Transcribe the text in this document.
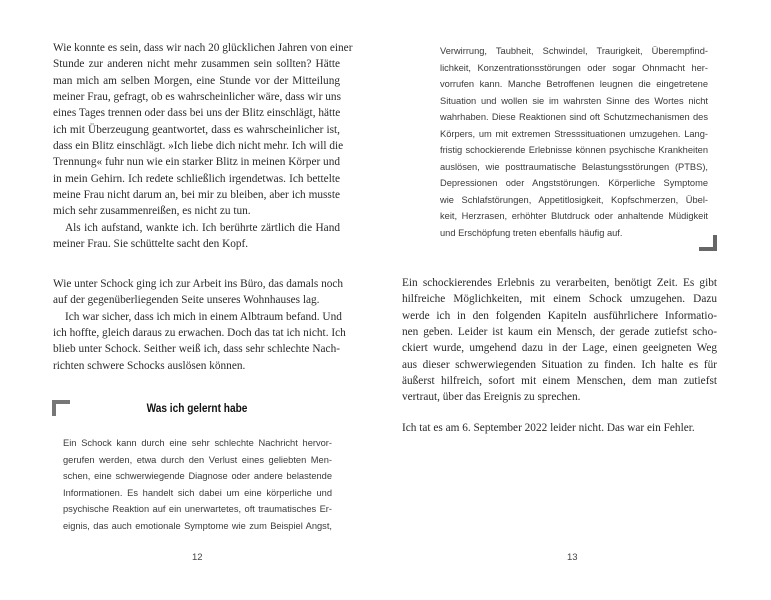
Wie konnte es sein, dass wir nach 20 glücklichen Jahren von einer
Stunde zur anderen nicht mehr zusammen sein sollten? Hätte
man mich am selben Morgen, eine Stunde vor der Mitteilung
meiner Frau, gefragt, ob es wahrscheinlicher wäre, dass wir uns
eines Tages trennen oder dass bei uns der Blitz einschlägt, hätte
ich mit Überzeugung geantwortet, dass es wahrscheinlicher ist,
dass ein Blitz einschlägt. »Ich liebe dich nicht mehr. Ich will die
Trennung« fuhr nun wie ein starker Blitz in meinen Körper und
in mein Gehirn. Ich redete schließlich irgendetwas. Ich bettelte
meine Frau nicht darum an, bei mir zu bleiben, aber ich musste
mich sehr zusammenreißen, es nicht zu tun.
Als ich aufstand, wankte ich. Ich berührte zärtlich die Hand
meiner Frau. Sie schüttelte sacht den Kopf.
Wie unter Schock ging ich zur Arbeit ins Büro, das damals noch
auf der gegenüberliegenden Seite unseres Wohnhauses lag.
Ich war sicher, dass ich mich in einem Albtraum befand. Und
ich hoffte, gleich daraus zu erwachen. Doch das tat ich nicht. Ich
blieb unter Schock. Seither weiß ich, dass sehr schlechte Nach-
richten schwere Schocks auslösen können.
Was ich gelernt habe
Ein Schock kann durch eine sehr schlechte Nachricht hervor-
gerufen werden, etwa durch den Verlust eines geliebten Men-
schen, eine schwerwiegende Diagnose oder andere belastende
Informationen. Es handelt sich dabei um eine körperliche und
psychische Reaktion auf ein unerwartetes, oft traumatisches Er-
eignis, das auch emotionale Symptome wie zum Beispiel Angst,
12
Verwirrung, Taubheit, Schwindel, Traurigkeit, Überempfind-
lichkeit, Konzentrationsstörungen oder sogar Ohnmacht her-
vorrufen kann. Manche Betroffenen leugnen die eingetretene
Situation und wollen sie im wahrsten Sinne des Wortes nicht
wahrhaben. Diese Reaktionen sind oft Schutzmechanismen des
Körpers, um mit extremen Stresssituationen umzugehen. Lang-
fristig schockierende Erlebnisse können psychische Krankheiten
auslösen, wie posttraumatische Belastungsstörungen (PTBS),
Depressionen oder Angststörungen. Körperliche Symptome
wie Schlafstörungen, Appetitlosigkeit, Kopfschmerzen, Übel-
keit, Herzrasen, erhöhter Blutdruck oder anhaltende Müdigkeit
und Erschöpfung treten ebenfalls häufig auf.
Ein schockierendes Erlebnis zu verarbeiten, benötigt Zeit. Es gibt
hilfreiche Möglichkeiten, mit einem Schock umzugehen. Dazu
werde ich in den folgenden Kapiteln ausführlichere Informatio-
nen geben. Leider ist kaum ein Mensch, der gerade zutiefst scho-
ckiert wurde, umgehend dazu in der Lage, einen geeigneten Weg
aus dieser schwerwiegenden Situation zu finden. Ich halte es für
äußerst hilfreich, sofort mit einem Menschen, dem man zutiefst
vertraut, über das Ereignis zu sprechen.
Ich tat es am 6. September 2022 leider nicht. Das war ein Fehler.
13
